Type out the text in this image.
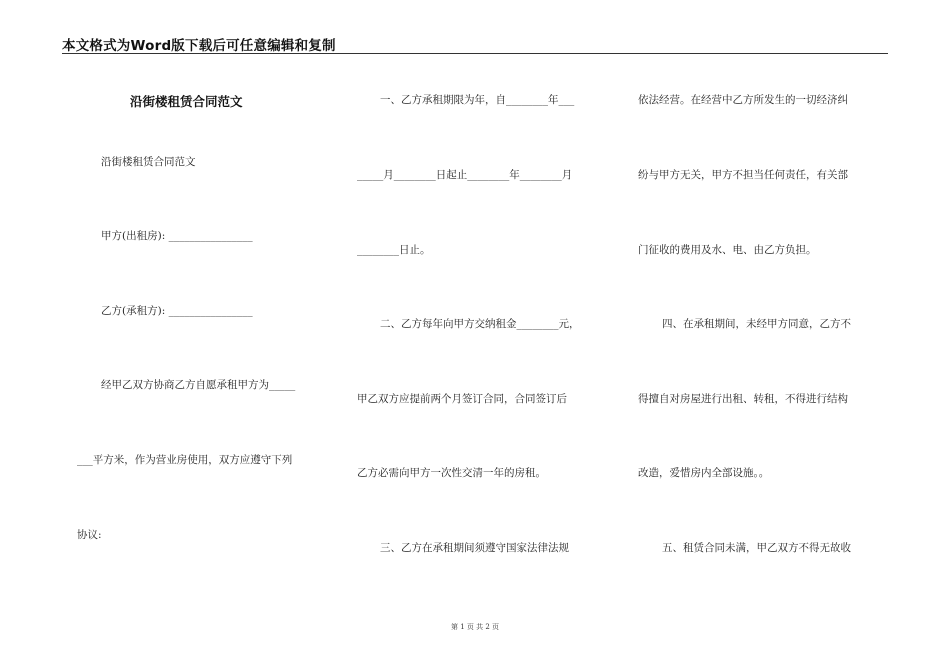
本文格式为Word版下载后可任意编辑和复制
沿街楼租赁合同范文
沿街楼租赁合同范文
甲方(出租房): ________________
乙方(承租方): ________________
经甲乙双方协商乙方自愿承租甲方为_____
___平方米，作为营业房使用，双方应遵守下列
协议:
一、乙方承租期限为年，自________年___
_____月________日起止________年________月
________日止。
二、乙方每年向甲方交纳租金________元，
甲乙双方应提前两个月签订合同，合同签订后
乙方必需向甲方一次性交清一年的房租。
三、乙方在承租期间须遵守国家法律法规
依法经营。在经营中乙方所发生的一切经济纠
纷与甲方无关，甲方不担当任何责任，有关部
门征收的费用及水、电、由乙方负担。
四、在承租期间，未经甲方同意，乙方不
得擅自对房屋进行出租、转租，不得进行结构
改造，爱惜房内全部设施。。
五、租赁合同未满，甲乙双方不得无故收
第 1 页 共 2 页
